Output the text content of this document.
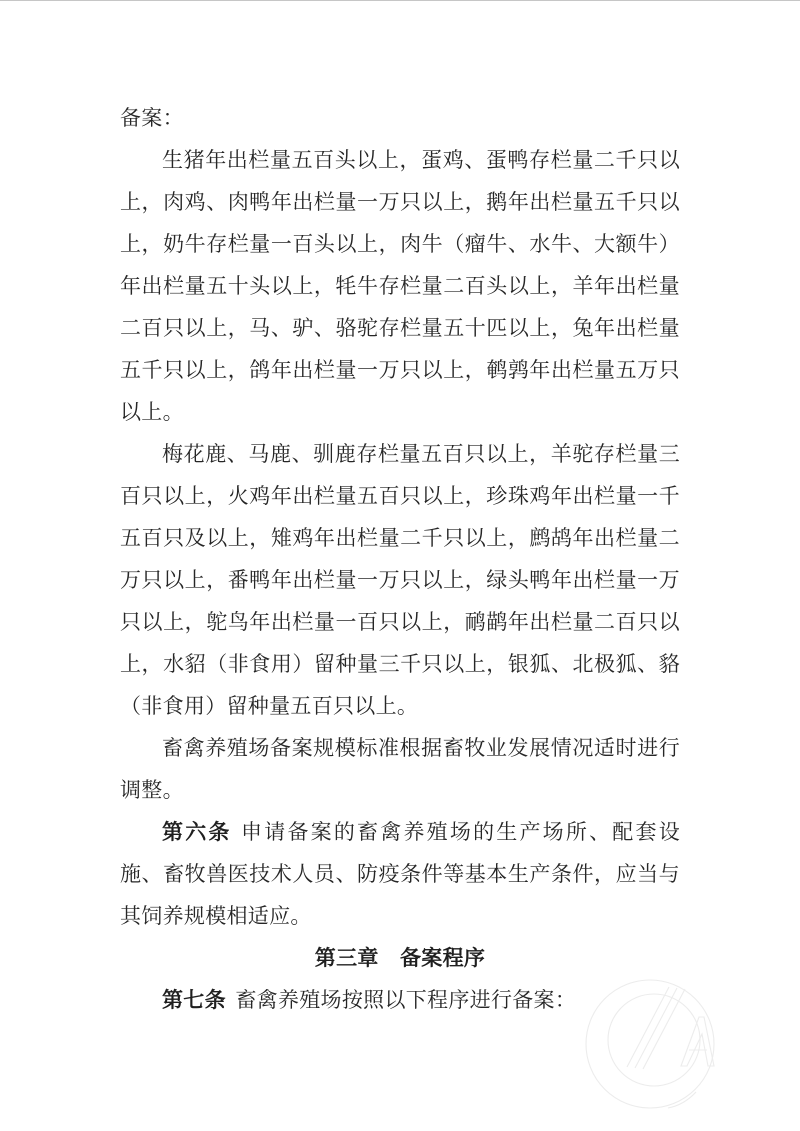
备案：

生猪年出栏量五百头以上，蛋鸡、蛋鸭存栏量二千只以上，肉鸡、肉鸭年出栏量一万只以上，鹅年出栏量五千只以上，奶牛存栏量一百头以上，肉牛（瘤牛、水牛、大额牛）年出栏量五十头以上，牦牛存栏量二百头以上，羊年出栏量二百只以上，马、驴、骆驼存栏量五十匹以上，兔年出栏量五千只以上，鸽年出栏量一万只以上，鹌鹑年出栏量五万只以上。

梅花鹿、马鹿、驯鹿存栏量五百只以上，羊驼存栏量三百只以上，火鸡年出栏量五百只以上，珍珠鸡年出栏量一千五百只及以上，雉鸡年出栏量二千只以上，鹧鸪年出栏量二万只以上，番鸭年出栏量一万只以上，绿头鸭年出栏量一万只以上，鸵鸟年出栏量一百只以上，鸸鹋年出栏量二百只以上，水貂（非食用）留种量三千只以上，银狐、北极狐、貉（非食用）留种量五百只以上。

畜禽养殖场备案规模标准根据畜牧业发展情况适时进行调整。

第六条 申请备案的畜禽养殖场的生产场所、配套设施、畜牧兽医技术人员、防疫条件等基本生产条件，应当与其饲养规模相适应。

第三章　备案程序

第七条 畜禽养殖场按照以下程序进行备案：
